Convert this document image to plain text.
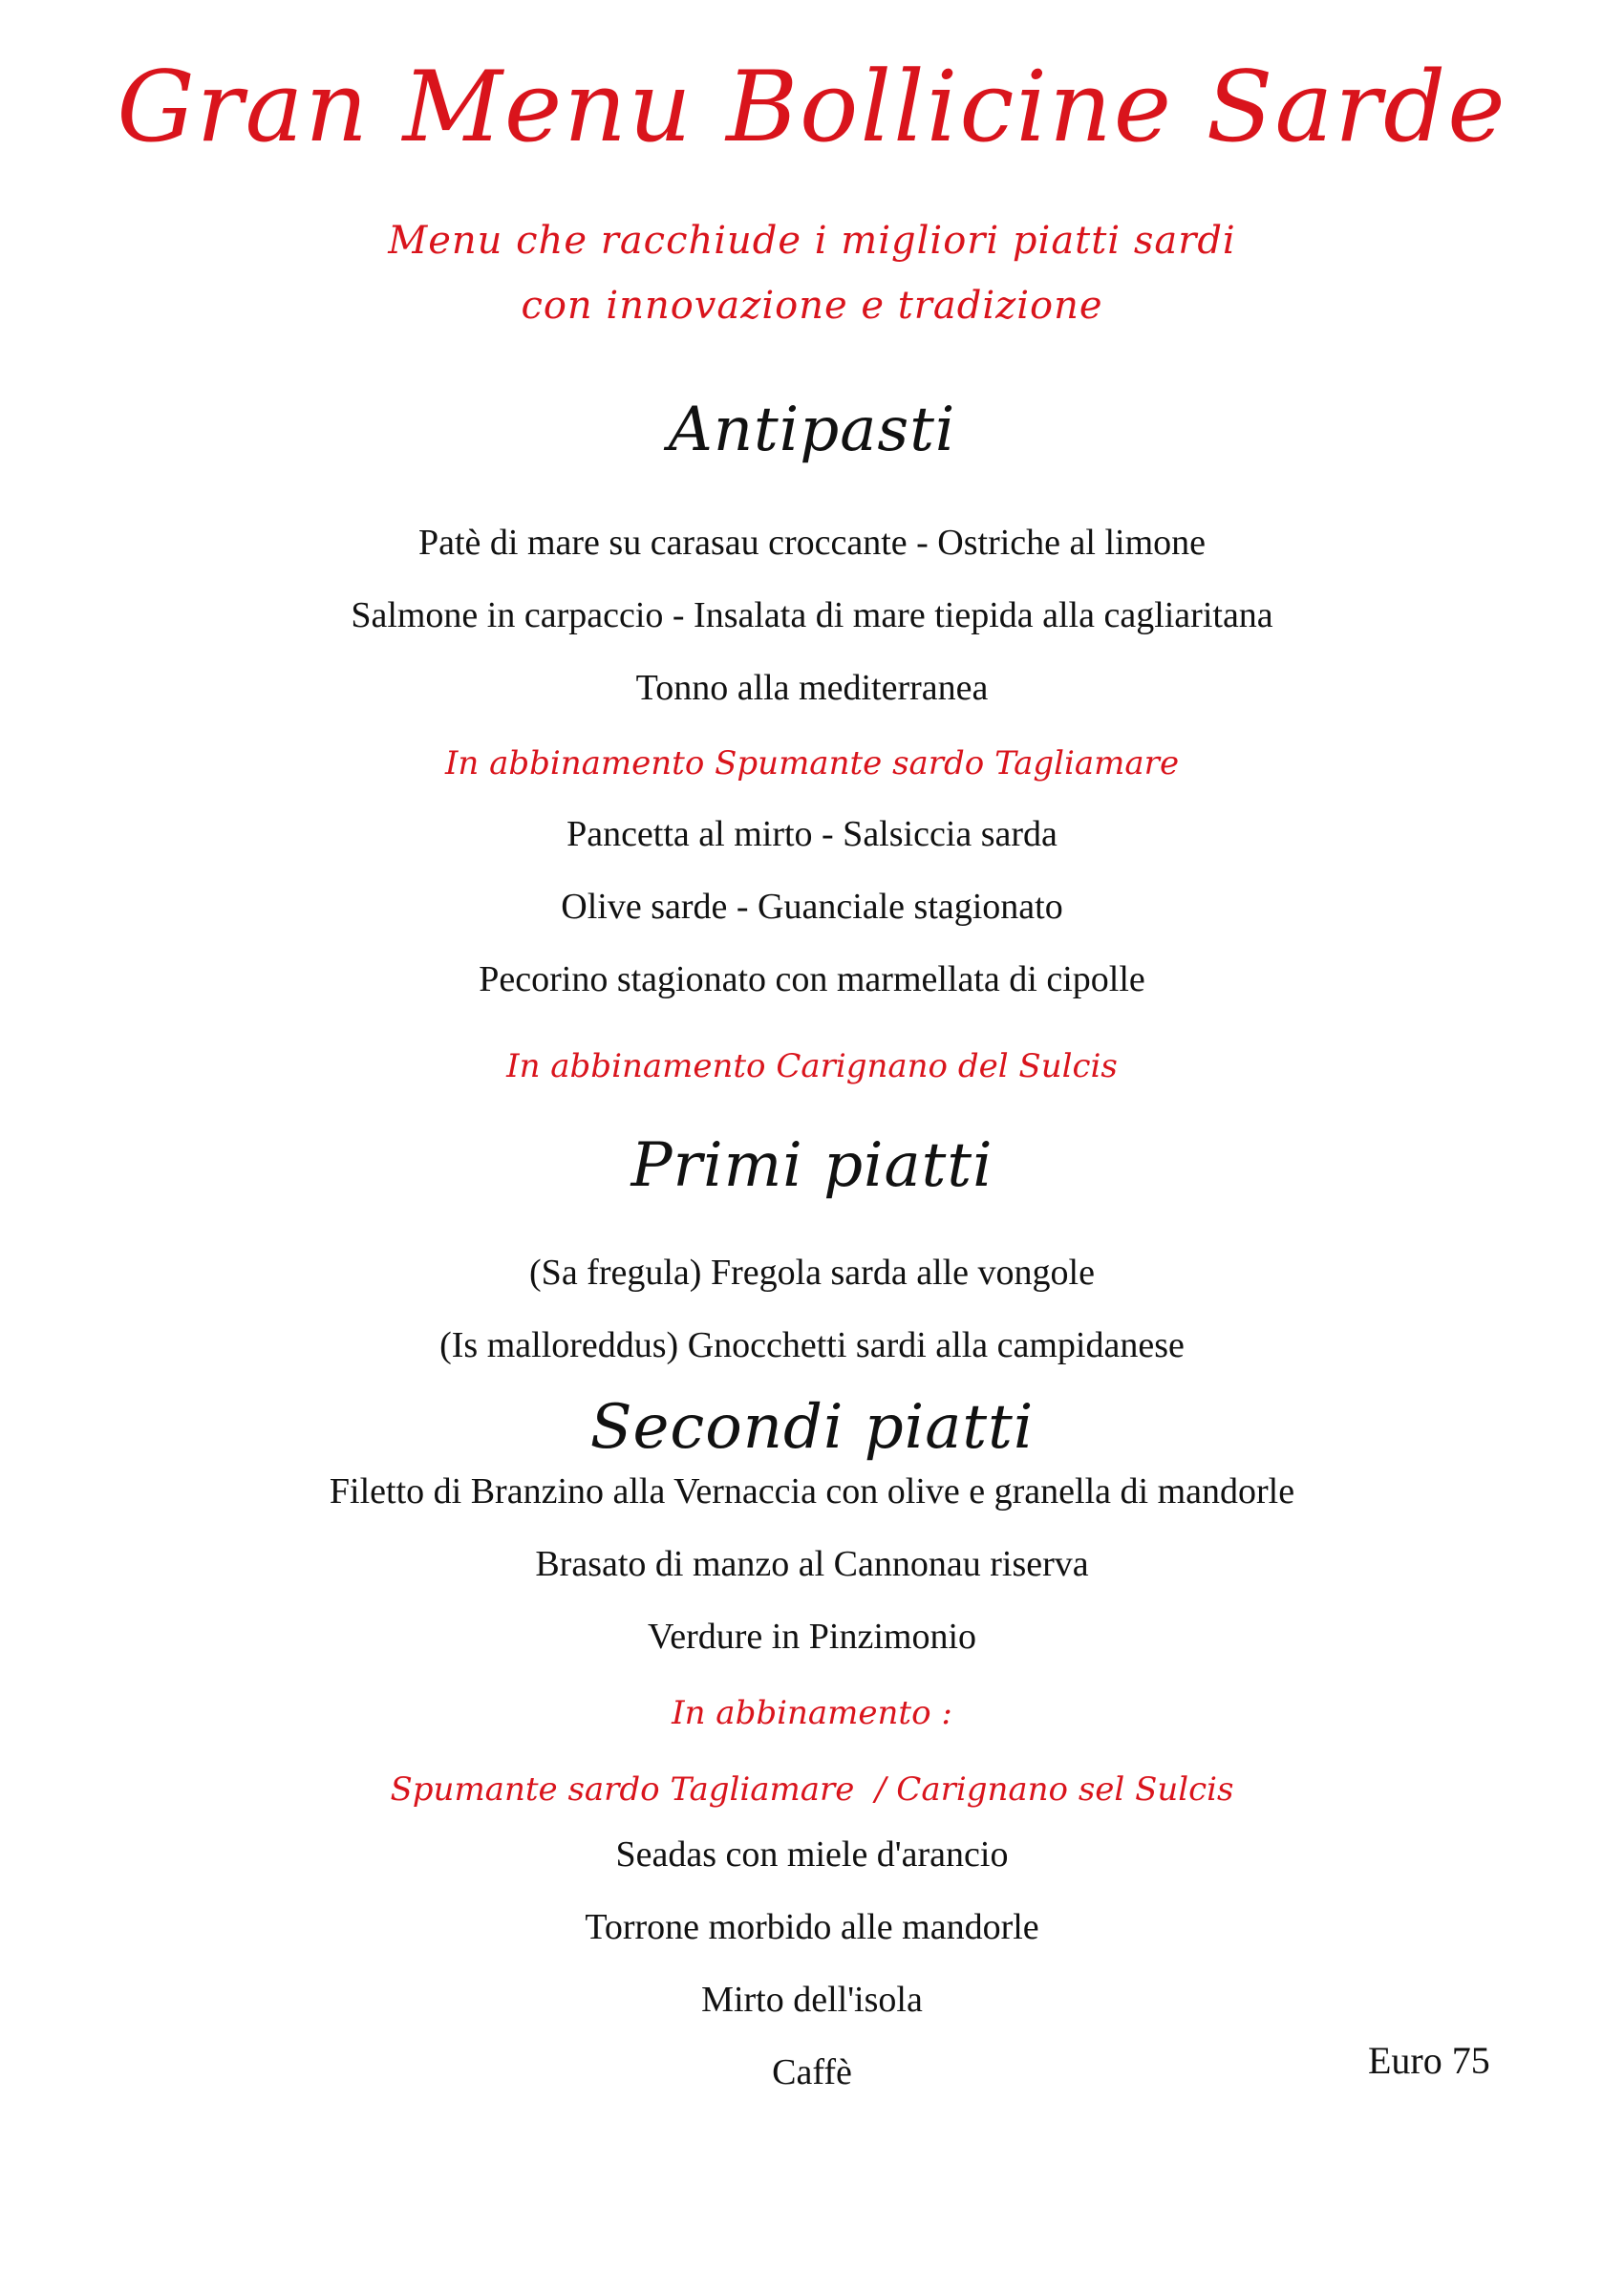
Gran Menu Bollicine Sarde
Menu che racchiude i migliori piatti sardi
con innovazione e tradizione
Antipasti
Patè di mare su carasau croccante - Ostriche al limone
Salmone in carpaccio - Insalata di mare tiepida alla cagliaritana
Tonno alla mediterranea
In abbinamento Spumante sardo Tagliamare
Pancetta al mirto - Salsiccia sarda
Olive sarde - Guanciale stagionato
Pecorino stagionato con marmellata di cipolle
In abbinamento Carignano del Sulcis
Primi piatti
(Sa fregula) Fregola sarda alle vongole
(Is malloreddus) Gnocchetti sardi alla campidanese
Secondi piatti
Filetto di Branzino alla Vernaccia con olive e granella di mandorle
Brasato di manzo al Cannonau riserva
Verdure in Pinzimonio
In abbinamento :
Spumante sardo Tagliamare  / Carignano sel Sulcis
Seadas con miele d'arancio
Torrone morbido alle mandorle
Mirto dell'isola
Caffè	Euro 75
